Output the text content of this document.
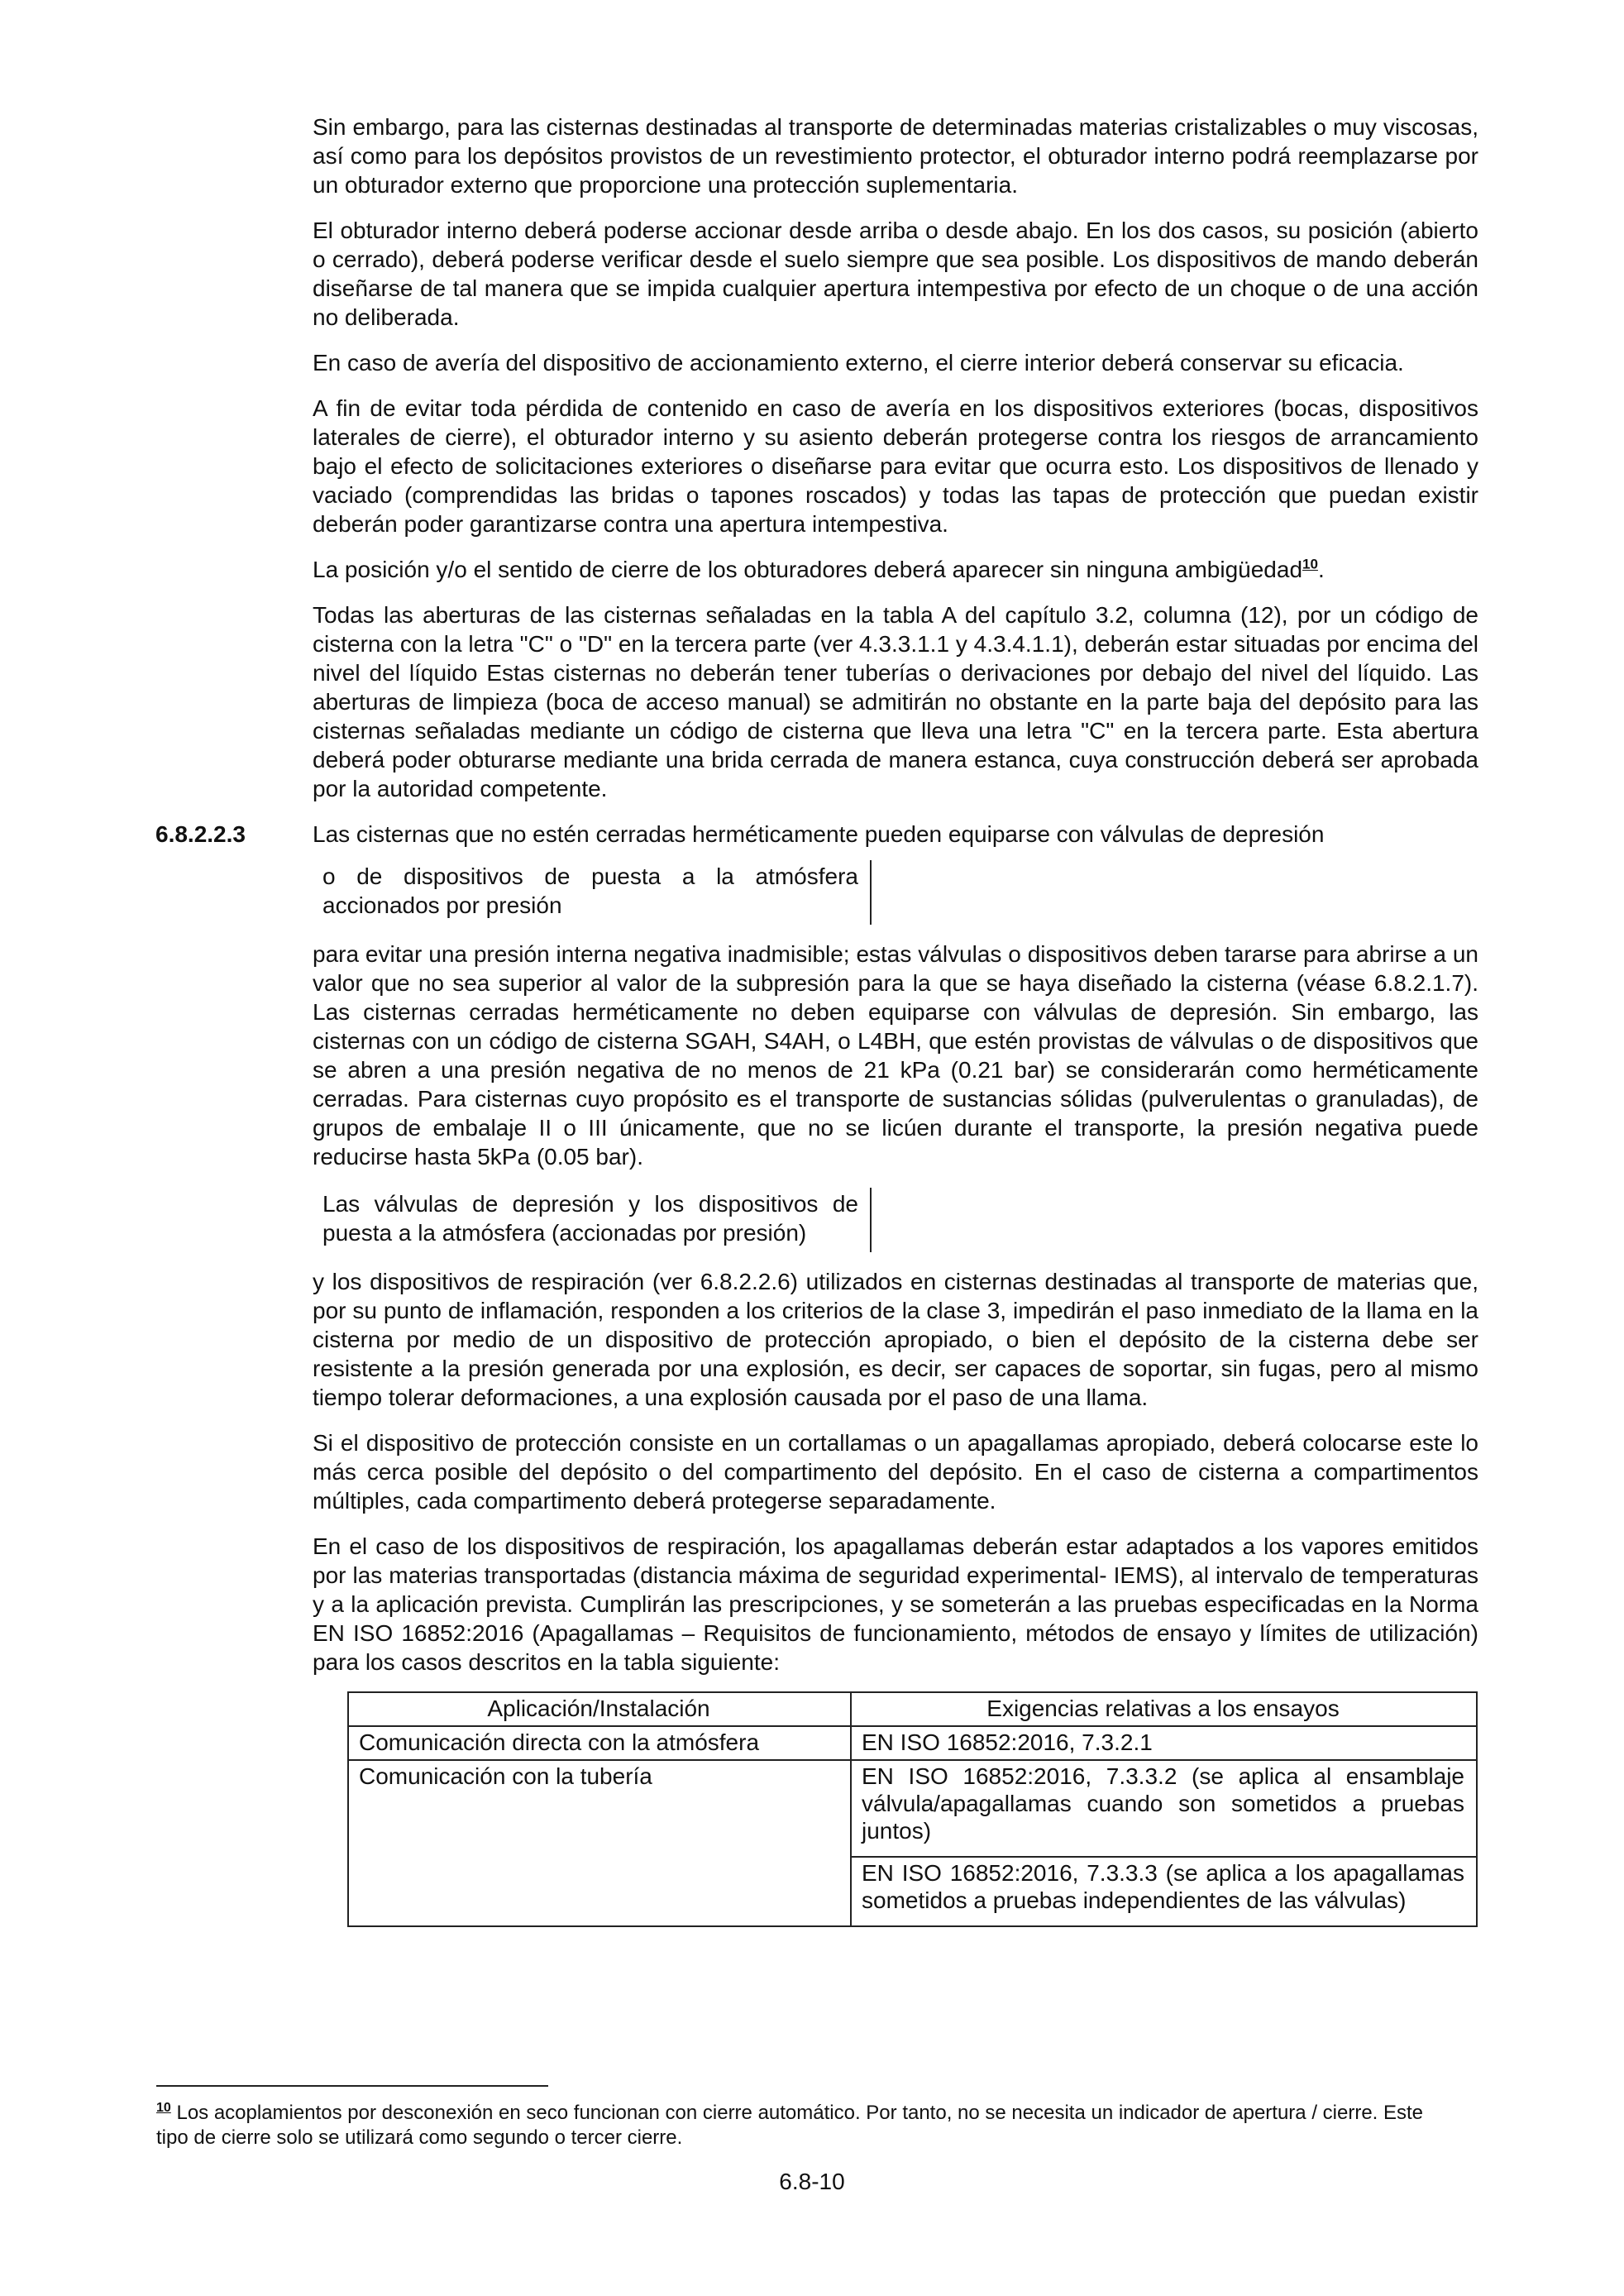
Sin embargo, para las cisternas destinadas al transporte de determinadas materias cristalizables o muy viscosas, así como para los depósitos provistos de un revestimiento protector, el obturador interno podrá reemplazarse por un obturador externo que proporcione una protección suplementaria.

El obturador interno deberá poderse accionar desde arriba o desde abajo. En los dos casos, su posición (abierto o cerrado), deberá poderse verificar desde el suelo siempre que sea posible. Los dispositivos de mando deberán diseñarse de tal manera que se impida cualquier apertura intempestiva por efecto de un choque o de una acción no deliberada.

En caso de avería del dispositivo de accionamiento externo, el cierre interior deberá conservar su eficacia.

A fin de evitar toda pérdida de contenido en caso de avería en los dispositivos exteriores (bocas, dispositivos laterales de cierre), el obturador interno y su asiento deberán protegerse contra los riesgos de arrancamiento bajo el efecto de solicitaciones exteriores o diseñarse para evitar que ocurra esto. Los dispositivos de llenado y vaciado (comprendidas las bridas o tapones roscados) y todas las tapas de protección que puedan existir deberán poder garantizarse contra una apertura intempestiva.

La posición y/o el sentido de cierre de los obturadores deberá aparecer sin ninguna ambigüedad$^{10}$.

Todas las aberturas de las cisternas señaladas en la tabla A del capítulo 3.2, columna (12), por un código de cisterna con la letra "C" o "D" en la tercera parte (ver 4.3.3.1.1 y 4.3.4.1.1), deberán estar situadas por encima del nivel del líquido Estas cisternas no deberán tener tuberías o derivaciones por debajo del nivel del líquido. Las aberturas de limpieza (boca de acceso manual) se admitirán no obstante en la parte baja del depósito para las cisternas señaladas mediante un código de cisterna que lleva una letra "C" en la tercera parte. Esta abertura deberá poder obturarse mediante una brida cerrada de manera estanca, cuya construcción deberá ser aprobada por la autoridad competente.

6.8.2.2.3	Las cisternas que no estén cerradas herméticamente pueden equiparse con válvulas de depresión

o de dispositivos de puesta a la atmósfera accionados por presión

para evitar una presión interna negativa inadmisible; estas válvulas o dispositivos deben tararse para abrirse a un valor que no sea superior al valor de la subpresión para la que se haya diseñado la cisterna (véase 6.8.2.1.7). Las cisternas cerradas herméticamente no deben equiparse con válvulas de depresión. Sin embargo, las cisternas con un código de cisterna SGAH, S4AH, o L4BH, que estén provistas de válvulas o de dispositivos que se abren a una presión negativa de no menos de 21 kPa (0.21 bar) se considerarán como herméticamente cerradas. Para cisternas cuyo propósito es el transporte de sustancias sólidas (pulverulentas o granuladas), de grupos de embalaje II o III únicamente, que no se licúen durante el transporte, la presión negativa puede reducirse hasta 5kPa (0.05 bar).

Las válvulas de depresión y los dispositivos de puesta a la atmósfera (accionadas por presión)

y los dispositivos de respiración (ver 6.8.2.2.6) utilizados en cisternas destinadas al transporte de materias que, por su punto de inflamación, responden a los criterios de la clase 3, impedirán el paso inmediato de la llama en la cisterna por medio de un dispositivo de protección apropiado, o bien el depósito de la cisterna debe ser resistente a la presión generada por una explosión, es decir, ser capaces de soportar, sin fugas, pero al mismo tiempo tolerar deformaciones, a una explosión causada por el paso de una llama.

Si el dispositivo de protección consiste en un cortallamas o un apagallamas apropiado, deberá colocarse este lo más cerca posible del depósito o del compartimento del depósito. En el caso de cisterna a compartimentos múltiples, cada compartimento deberá protegerse separadamente.

En el caso de los dispositivos de respiración, los apagallamas deberán estar adaptados a los vapores emitidos por las materias transportadas (distancia máxima de seguridad experimental- IEMS), al intervalo de temperaturas y a la aplicación prevista. Cumplirán las prescripciones, y se someterán a las pruebas especificadas en la Norma EN ISO 16852:2016 (Apagallamas – Requisitos de funcionamiento, métodos de ensayo y límites de utilización) para los casos descritos en la tabla siguiente:

Aplicación/Instalación	Exigencias relativas a los ensayos
Comunicación directa con la atmósfera	EN ISO 16852:2016, 7.3.2.1
Comunicación con la tubería	EN ISO 16852:2016, 7.3.3.2 (se aplica al ensamblaje válvula/apagallamas cuando son sometidos a pruebas juntos)
	EN ISO 16852:2016, 7.3.3.3 (se aplica a los apagallamas sometidos a pruebas independientes de las válvulas)
$^{10}$ Los acoplamientos por desconexión en seco funcionan con cierre automático. Por tanto, no se necesita un indicador de apertura / cierre. Este tipo de cierre solo se utilizará como segundo o tercer cierre.
6.8-10
